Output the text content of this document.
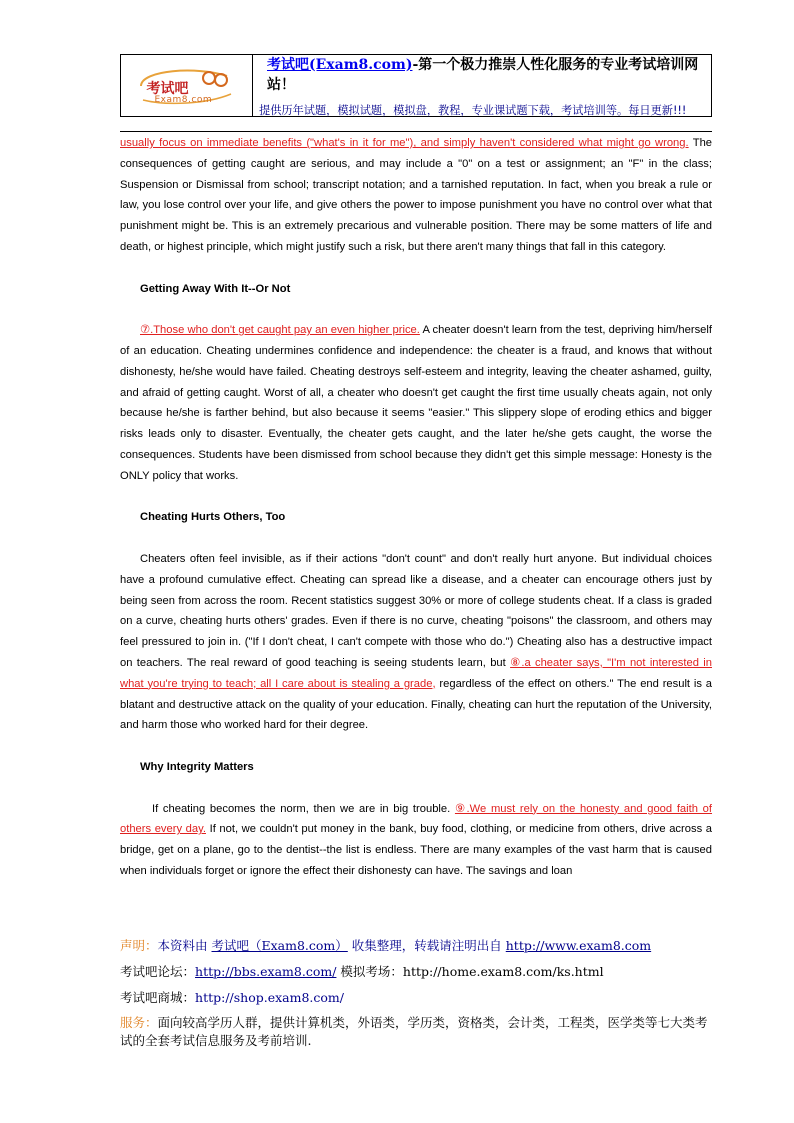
考试吧
Exam8.com
考试吧(Exam8.com)-第一个极力推崇人性化服务的专业考试培训网站！
提供历年试题，模拟试题，模拟盘，教程，专业课试题下载，考试培训等。每日更新!!!

usually focus on immediate benefits ("what's in it for me"), and simply haven't considered what might go wrong. The consequences of getting caught are serious, and may include a "0" on a test or assignment; an "F" in the class; Suspension or Dismissal from school; transcript notation; and a tarnished reputation. In fact, when you break a rule or law, you lose control over your life, and give others the power to impose punishment you have no control over what that punishment might be. This is an extremely precarious and vulnerable position. There may be some matters of life and death, or highest principle, which might justify such a risk, but there aren't many things that fall in this category.

Getting Away With It--Or Not

⑦.Those who don't get caught pay an even higher price. A cheater doesn't learn from the test, depriving him/herself of an education. Cheating undermines confidence and independence: the cheater is a fraud, and knows that without dishonesty, he/she would have failed. Cheating destroys self-esteem and integrity, leaving the cheater ashamed, guilty, and afraid of getting caught. Worst of all, a cheater who doesn't get caught the first time usually cheats again, not only because he/she is farther behind, but also because it seems "easier." This slippery slope of eroding ethics and bigger risks leads only to disaster. Eventually, the cheater gets caught, and the later he/she gets caught, the worse the consequences. Students have been dismissed from school because they didn't get this simple message: Honesty is the ONLY policy that works.

Cheating Hurts Others, Too

Cheaters often feel invisible, as if their actions "don't count" and don't really hurt anyone. But individual choices have a profound cumulative effect. Cheating can spread like a disease, and a cheater can encourage others just by being seen from across the room. Recent statistics suggest 30% or more of college students cheat. If a class is graded on a curve, cheating hurts others' grades. Even if there is no curve, cheating "poisons" the classroom, and others may feel pressured to join in. ("If I don't cheat, I can't compete with those who do.") Cheating also has a destructive impact on teachers. The real reward of good teaching is seeing students learn, but ⑧.a cheater says, "I'm not interested in what you're trying to teach; all I care about is stealing a grade, regardless of the effect on others." The end result is a blatant and destructive attack on the quality of your education. Finally, cheating can hurt the reputation of the University, and harm those who worked hard for their degree.

Why Integrity Matters

If cheating becomes the norm, then we are in big trouble. ⑨.We must rely on the honesty and good faith of others every day. If not, we couldn't put money in the bank, buy food, clothing, or medicine from others, drive across a bridge, get on a plane, go to the dentist--the list is endless. There are many examples of the vast harm that is caused when individuals forget or ignore the effect their dishonesty can have. The savings and loan

声明：本资料由 考试吧（Exam8.com） 收集整理，转载请注明出自 http://www.exam8.com
考试吧论坛：http://bbs.exam8.com/ 模拟考场：http://home.exam8.com/ks.html
考试吧商城：http://shop.exam8.com/
服务：面向较高学历人群，提供计算机类，外语类，学历类，资格类，会计类，工程类，医学类等七大类考试的全套考试信息服务及考前培训.
